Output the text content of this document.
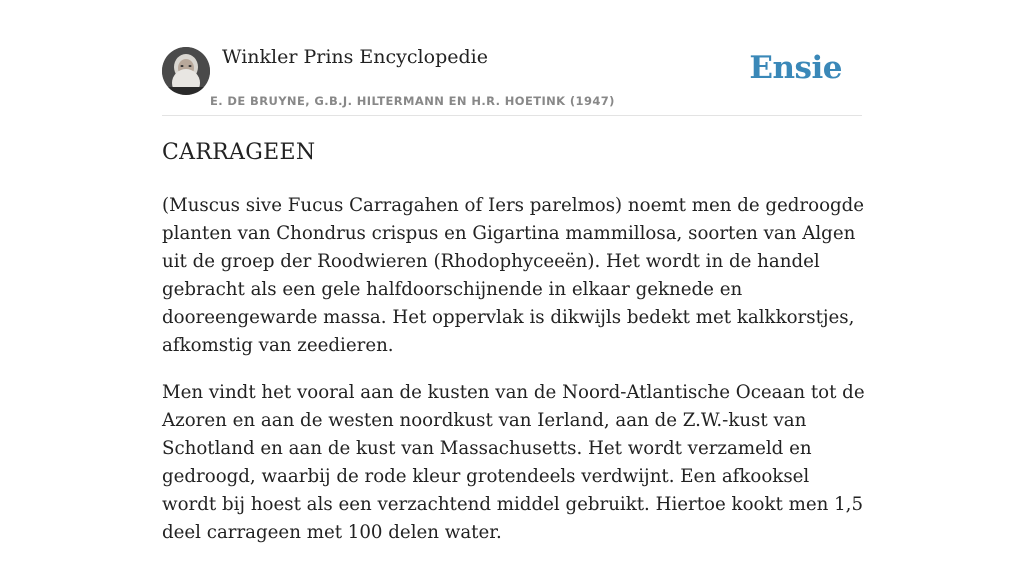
Winkler Prins Encyclopedie
E. DE BRUYNE, G.B.J. HILTERMANN EN H.R. HOETINK (1947)
Ensie
CARRAGEEN

(Muscus sive Fucus Carragahen of Iers parelmos) noemt men de gedroogde planten van Chondrus crispus en Gigartina mammillosa, soorten van Algen uit de groep der Roodwieren (Rhodophyceeën). Het wordt in de handel gebracht als een gele halfdoorschijnende in elkaar geknede en dooreengewarde massa. Het oppervlak is dikwijls bedekt met kalkkorstjes, afkomstig van zeedieren.

Men vindt het vooral aan de kusten van de Noord-Atlantische Oceaan tot de Azoren en aan de westen noordkust van Ierland, aan de Z.W.-kust van Schotland en aan de kust van Massachusetts. Het wordt verzameld en gedroogd, waarbij de rode kleur grotendeels verdwijnt. Een afkooksel wordt bij hoest als een verzachtend middel gebruikt. Hiertoe kookt men 1,5 deel carrageen met 100 delen water.
